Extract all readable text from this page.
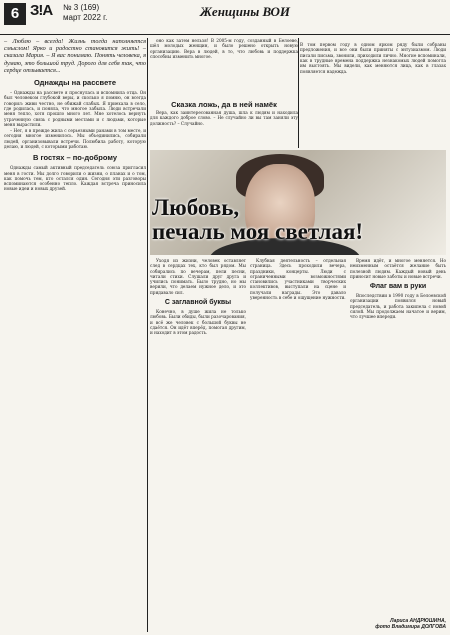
6 З!А № 3 (169)
март 2022 г.	Женщины ВОИ
– Люблю – всегда! Жизнь тогда наполняется смыслом! Ярко и радостно становится жить! – сказала Мария. – Я вас понимаю. Понять человека, я думаю, это большой труд. Дорого для себя так, что сердце отзывается...
Однажды на рассвете

– Однажды на рассвете я проснулась и вспомнила отца. Он был человеком глубокой веры, и сколько я помню, он всегда говорил: живи честно, не обижай слабых. Я приехала в село, где родилась, и поняла, что многое забыла. Люди встречали меня тепло, хотя прошло много лет. Мне хотелось вернуть утраченную связь с родными местами и с людьми, которые меня вырастили.

– Нет, я в прежде жила с серьезными ранами в том месте, и сегодня многое изменилось. Мы объединились, собирали людей, организовывали встречи. Полюбила работу, которую делаю, и людей, с которыми работаю.

В гостях – по-доброму

Однажды самый активный председатель союза пригласил меня в гости. Мы долго говорили о жизни, о планах и о том, как помочь тем, кто остался один. Сегодня эти разговоры вспоминаются особенно тепло. Каждая встреча приносила новые идеи и новых друзей.

оно как затем нельзя! В 2005-м году, созданный в Белоеве, шёл молодых женщин, и было решено открыть новую организацию. Вера в людей, в то, что любовь и поддержка способны изменить многое.

Сказка ложь, да в ней намёк

Вера, как заинтересованная душа, шла к людям и находила для каждого доброе слово. – Не случайно ли вы там заняли эту должность? – Случайно.

В том первом году в одном ярком ряду были собраны предложения, и все они были приняты с энтузиазмом. Люди писали письма, звонили, приходили лично. Многие вспоминали, как в трудные времена поддержка незнакомых людей помогла им выстоять. Мы видели, как меняются лица, как в глазах появляется надежда.

Любовь,
печаль моя светлая!

Уходя из жизни, человек оставляет след в сердцах тех, кто был рядом. Мы собирались по вечерам, пели песни, читали стихи. Слушали друг друга и учились понимать. Было трудно, но мы верили, что делаем нужное дело, и это придавало сил.

С заглавной буквы

Конечно, в душе жила не только любовь. Были обиды, были разочарования, и всё же человек с большой буквы не сдаётся. Он идёт вперёд, помогая другим, и находит в этом радость.

Клубная деятельность – отдельная страница. Здесь проходили вечера, праздники, концерты. Люди с ограниченными возможностями становились участниками творческих коллективов, выступали на сцене и получали награды. Это давало уверенность в себе и ощущение нужности.

Время идёт, и многое меняется. Но неизменным остаётся желание быть полезной людям. Каждый новый день приносит новые заботы и новые встречи.

Флаг вам в руки

Впоследствии в 1990 году в Белоевской организации появился новый председатель, и работа закипела с новой силой. Мы продолжаем начатое и верим, что лучшее впереди.

Лариса АНДРЮШИНА,
фото Владимира ДОЛГОВА
